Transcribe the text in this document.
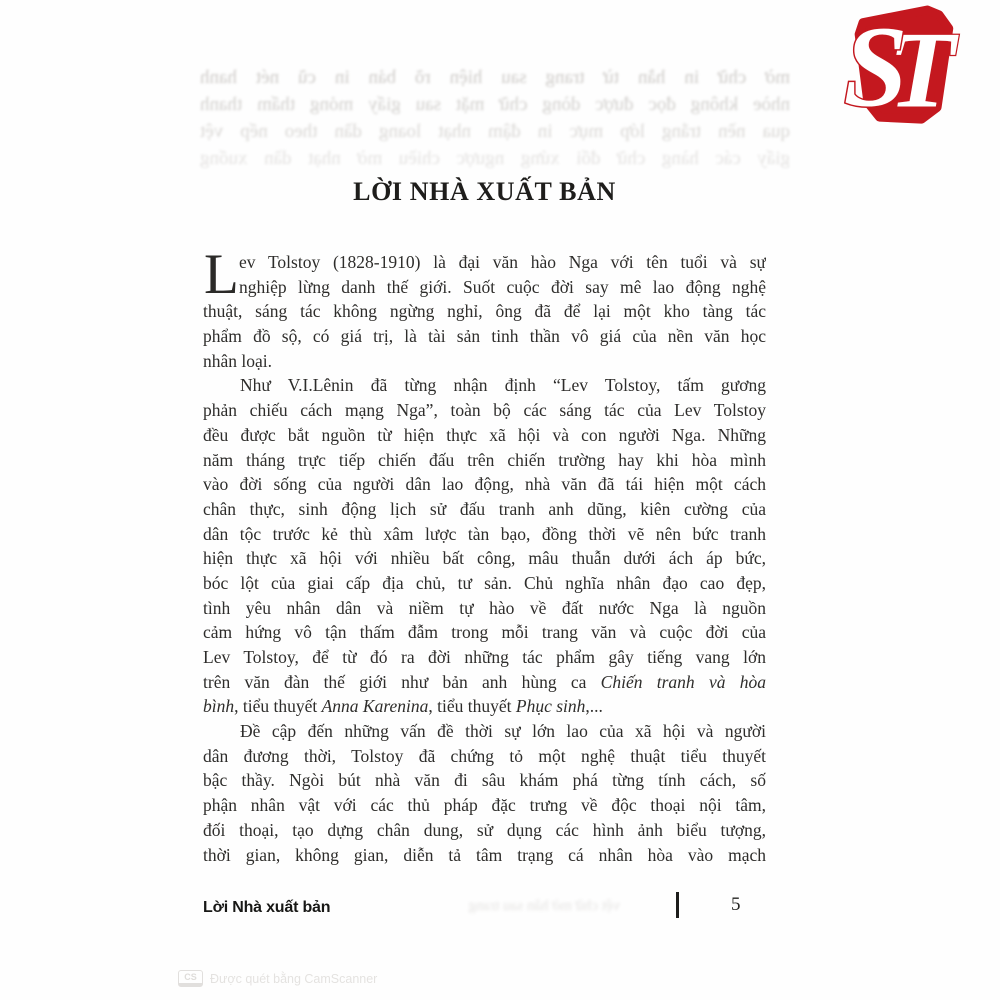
mờ chữ in hằn từ trang sau hiện rõ bản in cũ nét hanh
nhòe không đọc được dòng chữ mặt sau giấy mỏng thấm thanh
qua nền trắng lớp mực in đậm nhạt loang dần theo nếp vệt
giấy các hàng chữ đối xứng ngược chiều mờ nhạt dần xuống
LỜI NHÀ XUẤT BẢN
L ev Tolstoy (1828-1910) là đại văn hào Nga với tên tuổi và sự
nghiệp lừng danh thế giới. Suốt cuộc đời say mê lao động nghệ
thuật, sáng tác không ngừng nghỉ, ông đã để lại một kho tàng tác
phẩm đồ sộ, có giá trị, là tài sản tinh thần vô giá của nền văn học
nhân loại.
Như V.I.Lênin đã từng nhận định “Lev Tolstoy, tấm gương
phản chiếu cách mạng Nga”, toàn bộ các sáng tác của Lev Tolstoy
đều được bắt nguồn từ hiện thực xã hội và con người Nga. Những
năm tháng trực tiếp chiến đấu trên chiến trường hay khi hòa mình
vào đời sống của người dân lao động, nhà văn đã tái hiện một cách
chân thực, sinh động lịch sử đấu tranh anh dũng, kiên cường của
dân tộc trước kẻ thù xâm lược tàn bạo, đồng thời vẽ nên bức tranh
hiện thực xã hội với nhiều bất công, mâu thuẫn dưới ách áp bức,
bóc lột của giai cấp địa chủ, tư sản. Chủ nghĩa nhân đạo cao đẹp,
tình yêu nhân dân và niềm tự hào về đất nước Nga là nguồn
cảm hứng vô tận thấm đẫm trong mỗi trang văn và cuộc đời của
Lev Tolstoy, để từ đó ra đời những tác phẩm gây tiếng vang lớn
trên văn đàn thế giới như bản anh hùng ca Chiến tranh và hòa
bình, tiểu thuyết Anna Karenina, tiểu thuyết Phục sinh,...
Đề cập đến những vấn đề thời sự lớn lao của xã hội và người
dân đương thời, Tolstoy đã chứng tỏ một nghệ thuật tiểu thuyết
bậc thầy. Ngòi bút nhà văn đi sâu khám phá từng tính cách, số
phận nhân vật với các thủ pháp đặc trưng về độc thoại nội tâm,
đối thoại, tạo dựng chân dung, sử dụng các hình ảnh biểu tượng,
thời gian, không gian, diễn tả tâm trạng cá nhân hòa vào mạch
vệt chữ mờ hằn sau trang
Lời Nhà xuất bản	5
T
S
CS	Được quét bằng CamScanner
